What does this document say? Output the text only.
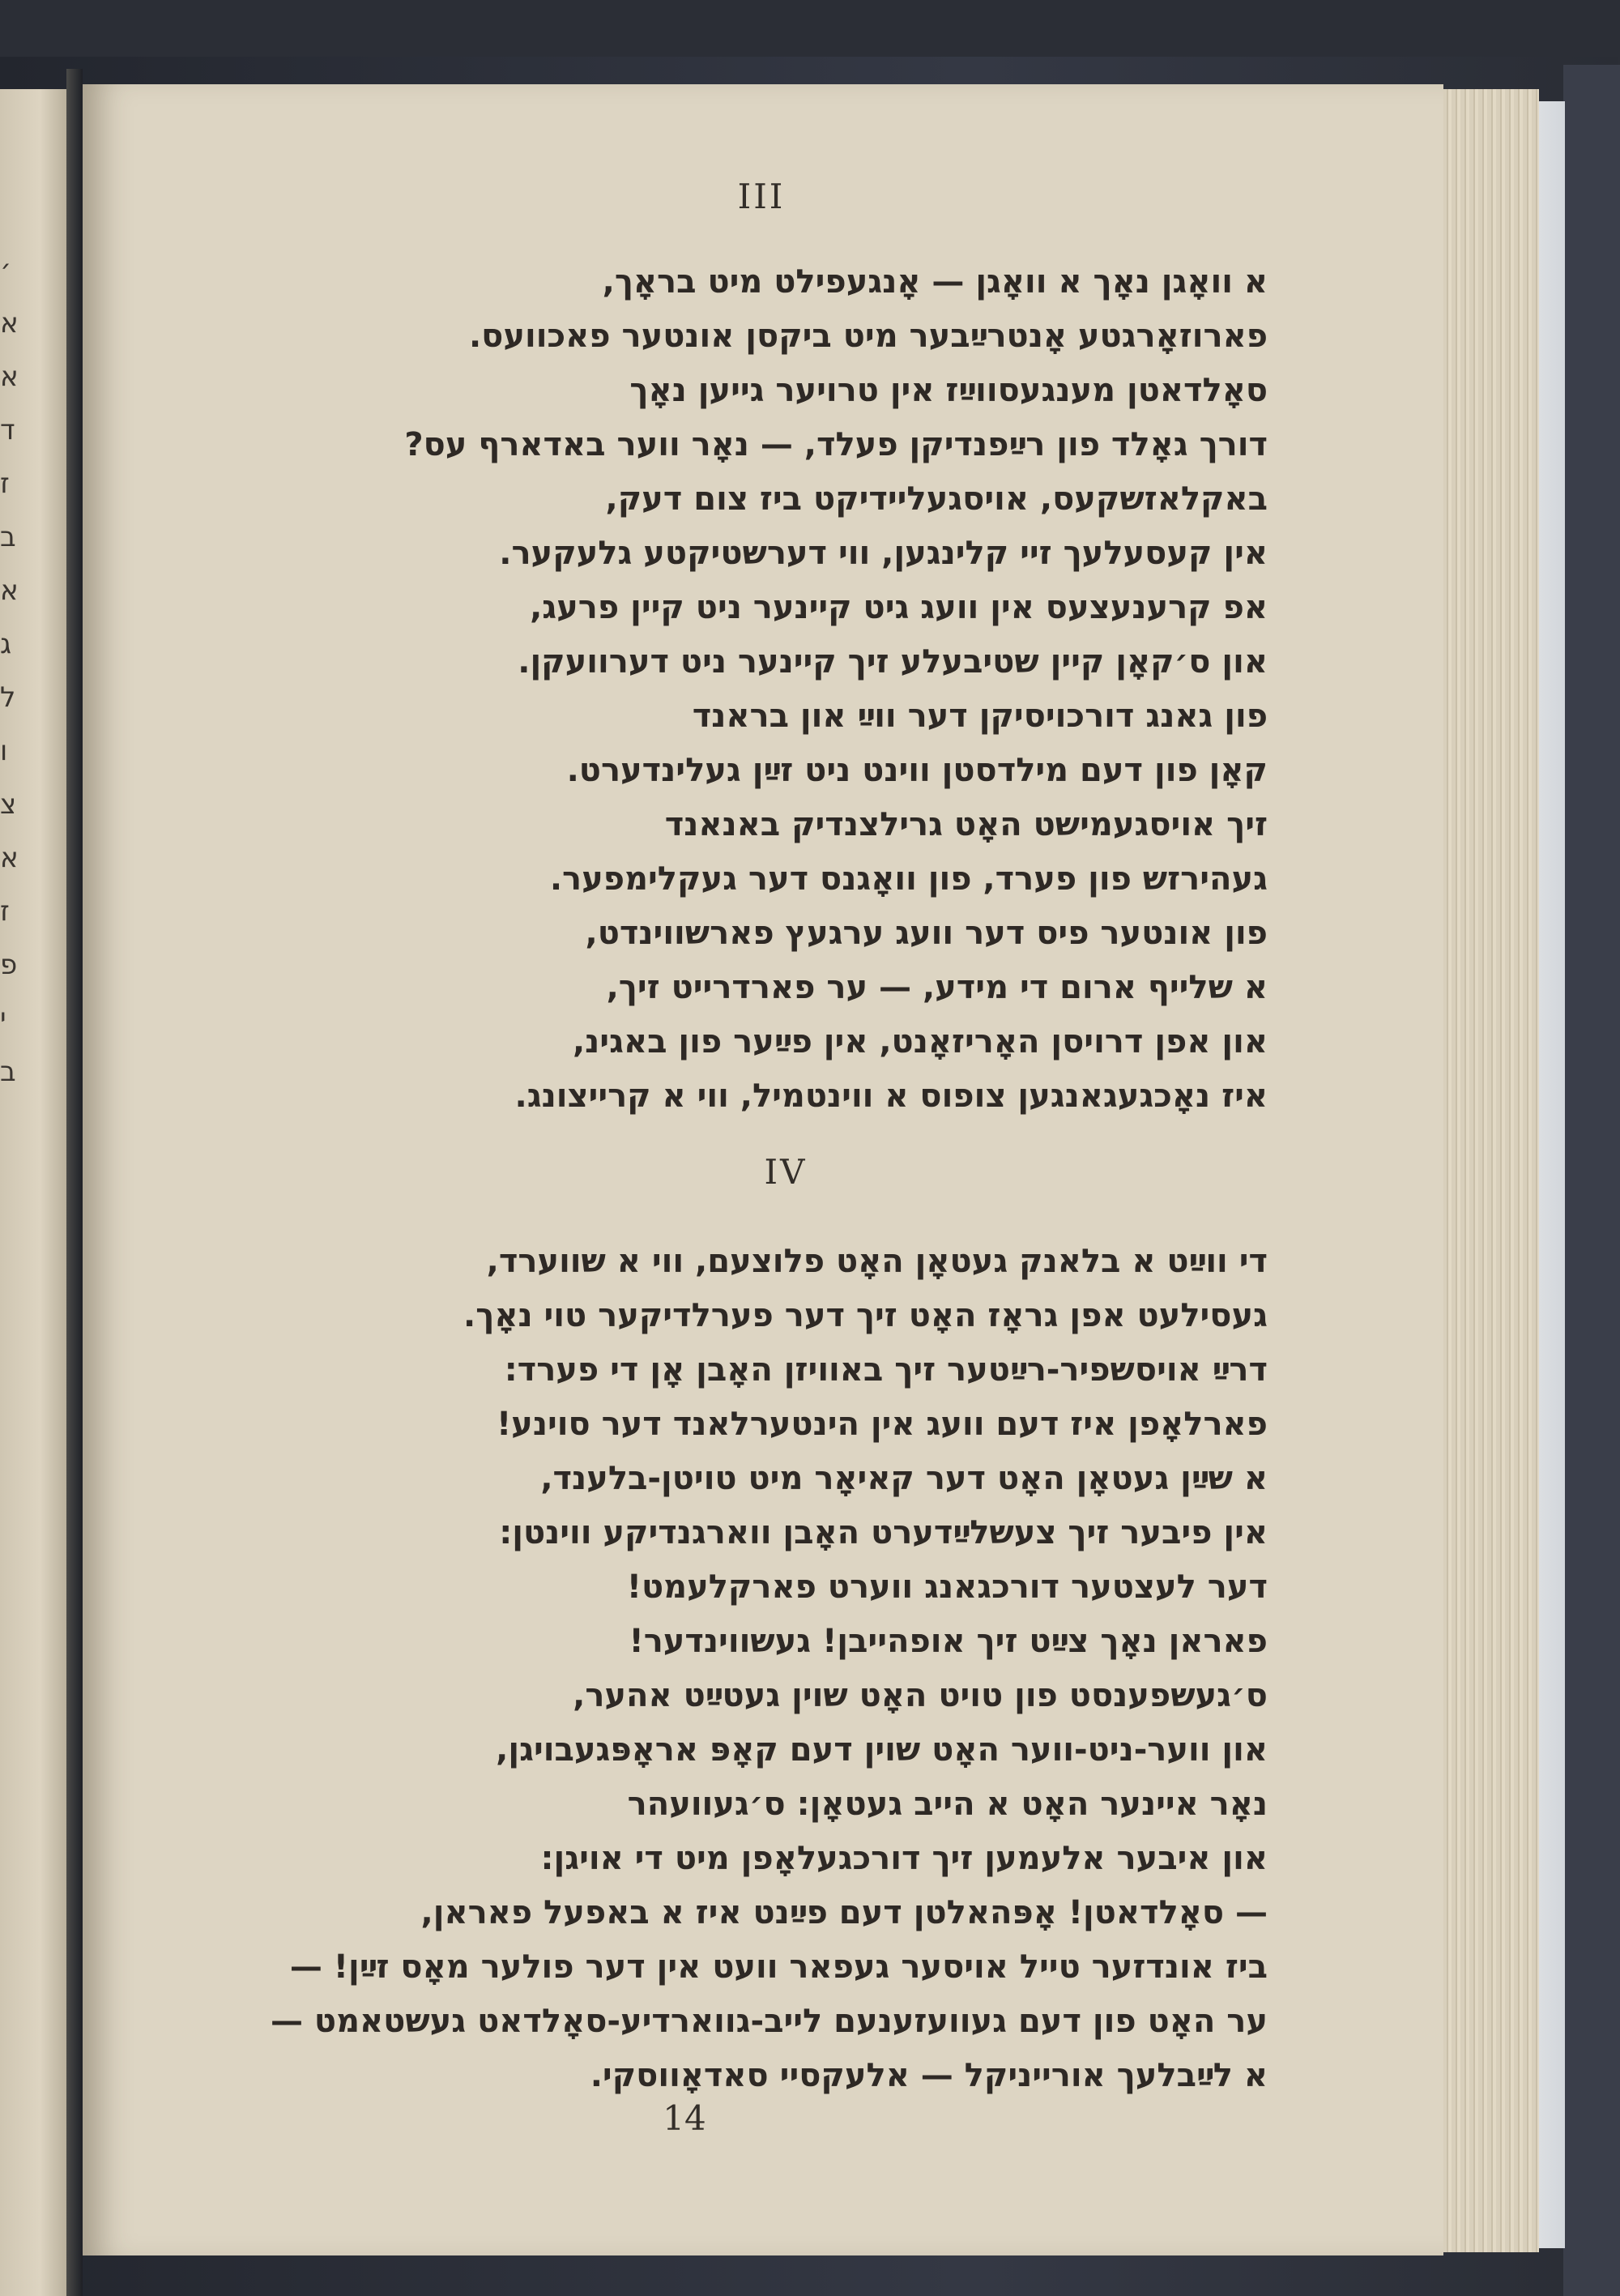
׳
א
א
ד
ז
ב
א
ג
ל
ו
צ
א
ז
פ
י
ב
III
א וואָגן נאָך א וואָגן — אָנגעפילט מיט בראָך,
פארוזאָרגטע אָנטרײַבער מיט ביקסן אונטער פאכוועס.
סאָלדאטן מענגעסווײַז אין טרויער גייען נאָך
דורך גאָלד פון רײַפנדיקן פעלד, — נאָר ווער באדארף עס?
באקלאזשקעס, אויסגעליידיקט ביז צום דעק,
אין קעסעלעך זיי קלינגען, ווי דערשטיקטע גלעקער.
אפ קרענעצעס אין וועג גיט קיינער ניט קיין פרעג,
און ס׳קאָן קיין שטיבעלע זיך קיינער ניט דערוועקן.
פון גאנג דורכויסיקן דער ווײַ און בראנד
קאָן פון דעם מילדסטן ווינט ניט זײַן געלינדערט.
זיך אויסגעמישט האָט גרילצנדיק באנאנד
געהירזש פון פערד, פון וואָגנס דער געקלימפער.
פון אונטער פיס דער וועג ערגעץ פארשווינדט,
א שלייף ארום די מידע, — ער פארדרייט זיך,
און אפן דרויסן האָריזאָנט, אין פײַער פון באגינ,
איז נאָכגעגאנגען צופוס א ווינטמיל, ווי א קרייצונג.
IV
די ווײַט א בלאנק געטאָן האָט פלוצעם, ווי א שווערד,
געסילעט אפן גראָז האָט זיך דער פערלדיקער טוי נאָך.
דרײַ אויסשפיר-רײַטער זיך באוויזן האָבן אָן די פערד:
פארלאָפן איז דעם וועג אין הינטערלאנד דער סוינע!
א שײַן געטאָן האָט דער קאיאָר מיט טויטן-בלענד,
אין פיבער זיך צעשלײַדערט האָבן ווארגנדיקע ווינטן:
דער לעצטער דורכגאנג ווערט פארקלעמט!
פאראן נאָך צײַט זיך אופהייבן! געשווינדער!
ס׳געשפענסט פון טויט האָט שוין געטײַט אהער,
און ווער-ניט-ווער האָט שוין דעם קאָפּ אראָפּגעבויגן,
נאָר איינער האָט א הייב געטאָן: ס׳געוועהר
און איבער אלעמען זיך דורכגעלאָפן מיט די אויגן:
— סאָלדאטן! אָפּהאלטן דעם פײַנט איז א באפעל פאראן,
ביז אונדזער טייל אויסער געפאר וועט אין דער פולער מאָס זײַן! —
ער האָט פון דעם געוועזענעם לייב-גווארדיע-סאָלדאט געשטאמט —
א לײַבלעך אורייניקל — אלעקסיי סאדאָווסקי.
14
